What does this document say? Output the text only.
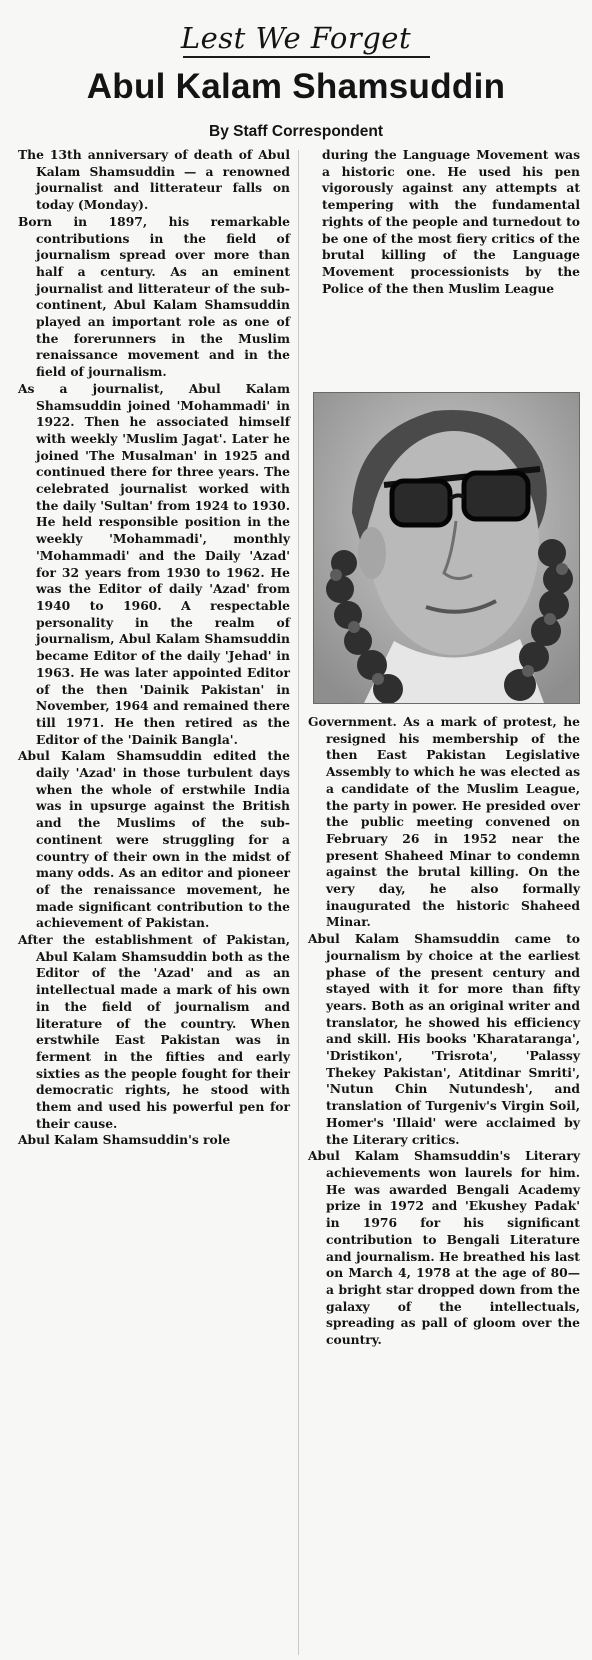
Lest We Forget
Abul Kalam Shamsuddin
By Staff Correspondent

The 13th anniversary of death of Abul Kalam Shamsuddin — a renowned journalist and litterateur falls on today (Monday).

Born in 1897, his remarkable contributions in the field of journalism spread over more than half a century. As an eminent journalist and litterateur of the sub-continent, Abul Kalam Shamsuddin played an important role as one of the forerunners in the Muslim renaissance movement and in the field of journalism.

As a journalist, Abul Kalam Shamsuddin joined 'Mohammadi' in 1922. Then he associated himself with weekly 'Muslim Jagat'. Later he joined 'The Musalman' in 1925 and continued there for three years. The celebrated journalist worked with the daily 'Sultan' from 1924 to 1930. He held responsible position in the weekly 'Mohammadi', monthly 'Mohammadi' and the Daily 'Azad' for 32 years from 1930 to 1962. He was the Editor of daily 'Azad' from 1940 to 1960. A respectable personality in the realm of journalism, Abul Kalam Shamsuddin became Editor of the daily 'Jehad' in 1963. He was later appointed Editor of the then 'Dainik Pakistan' in November, 1964 and remained there till 1971. He then retired as the Editor of the 'Dainik Bangla'.

Abul Kalam Shamsuddin edited the daily 'Azad' in those turbulent days when the whole of erstwhile India was in upsurge against the British and the Muslims of the sub-continent were struggling for a country of their own in the midst of many odds. As an editor and pioneer of the renaissance movement, he made significant contribution to the achievement of Pakistan.

After the establishment of Pakistan, Abul Kalam Shamsuddin both as the Editor of the 'Azad' and as an intellectual made a mark of his own in the field of journalism and literature of the country. When erstwhile East Pakistan was in ferment in the fifties and early sixties as the people fought for their democratic rights, he stood with them and used his powerful pen for their cause.

Abul Kalam Shamsuddin's role

during the Language Movement was a historic one. He used his pen vigorously against any attempts at tempering with the fundamental rights of the people and turnedout to be one of the most fiery critics of the brutal killing of the Language Movement processionists by the Police of the then Muslim League

Government. As a mark of protest, he resigned his membership of the then East Pakistan Legislative Assembly to which he was elected as a candidate of the Muslim League, the party in power. He presided over the public meeting convened on February 26 in 1952 near the present Shaheed Minar to condemn against the brutal killing. On the very day, he also formally inaugurated the historic Shaheed Minar.

Abul Kalam Shamsuddin came to journalism by choice at the earliest phase of the present century and stayed with it for more than fifty years. Both as an original writer and translator, he showed his efficiency and skill. His books 'Kharataranga', 'Dristikon', 'Trisrota', 'Palassy Thekey Pakistan', Atitdinar Smriti', 'Nutun Chin Nutundesh', and translation of Turgeniv's Virgin Soil, Homer's 'Illaid' were acclaimed by the Literary critics.

Abul Kalam Shamsuddin's Literary achievements won laurels for him. He was awarded Bengali Academy prize in 1972 and 'Ekushey Padak' in 1976 for his significant contribution to Bengali Literature and journalism. He breathed his last on March 4, 1978 at the age of 80—a bright star dropped down from the galaxy of the intellectuals, spreading as pall of gloom over the country.
